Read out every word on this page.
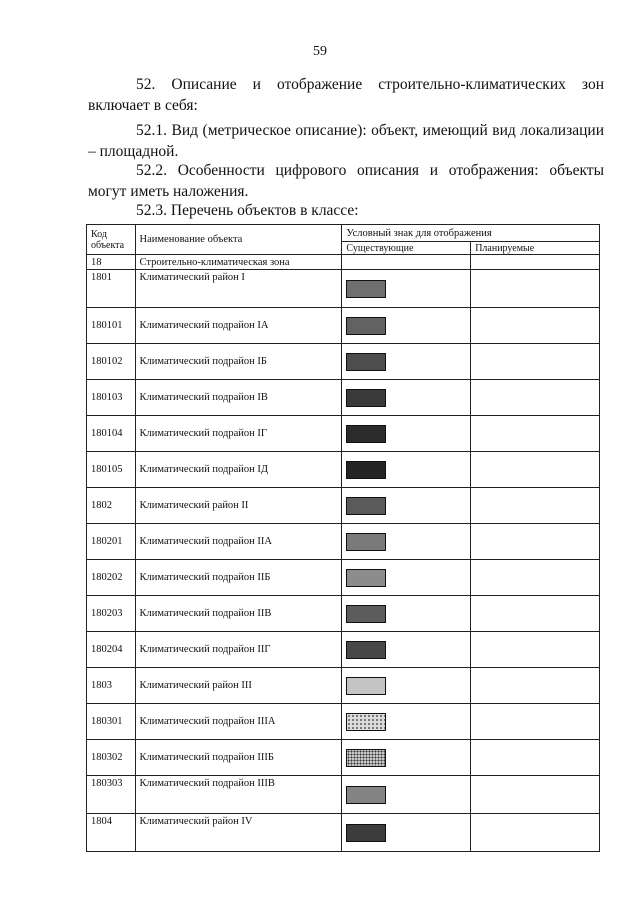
59
52. Описание и отображение строительно-климатических зон включает в себя:
52.1. Вид (метрическое описание): объект, имеющий вид локализации – площадной.
52.2. Особенности цифрового описания и отображения: объекты могут иметь наложения.
52.3. Перечень объектов в классе:
Код объекта	Наименование объекта	Условный знак для отображения	
		Существующие	Планируемые
18	Строительно-климатическая зона		
1801	Климатический район I		
180101	Климатический подрайон IA		
180102	Климатический подрайон IБ		
180103	Климатический подрайон IB		
180104	Климатический подрайон IГ		
180105	Климатический подрайон IД		
1802	Климатический район II		
180201	Климатический подрайон IIA		
180202	Климатический подрайон IIБ		
180203	Климатический подрайон IIB		
180204	Климатический подрайон IIГ		
1803	Климатический район III		
180301	Климатический подрайон IIIA		
180302	Климатический подрайон IIIБ		
180303	Климатический подрайон IIIB		
1804	Климатический район IV		
